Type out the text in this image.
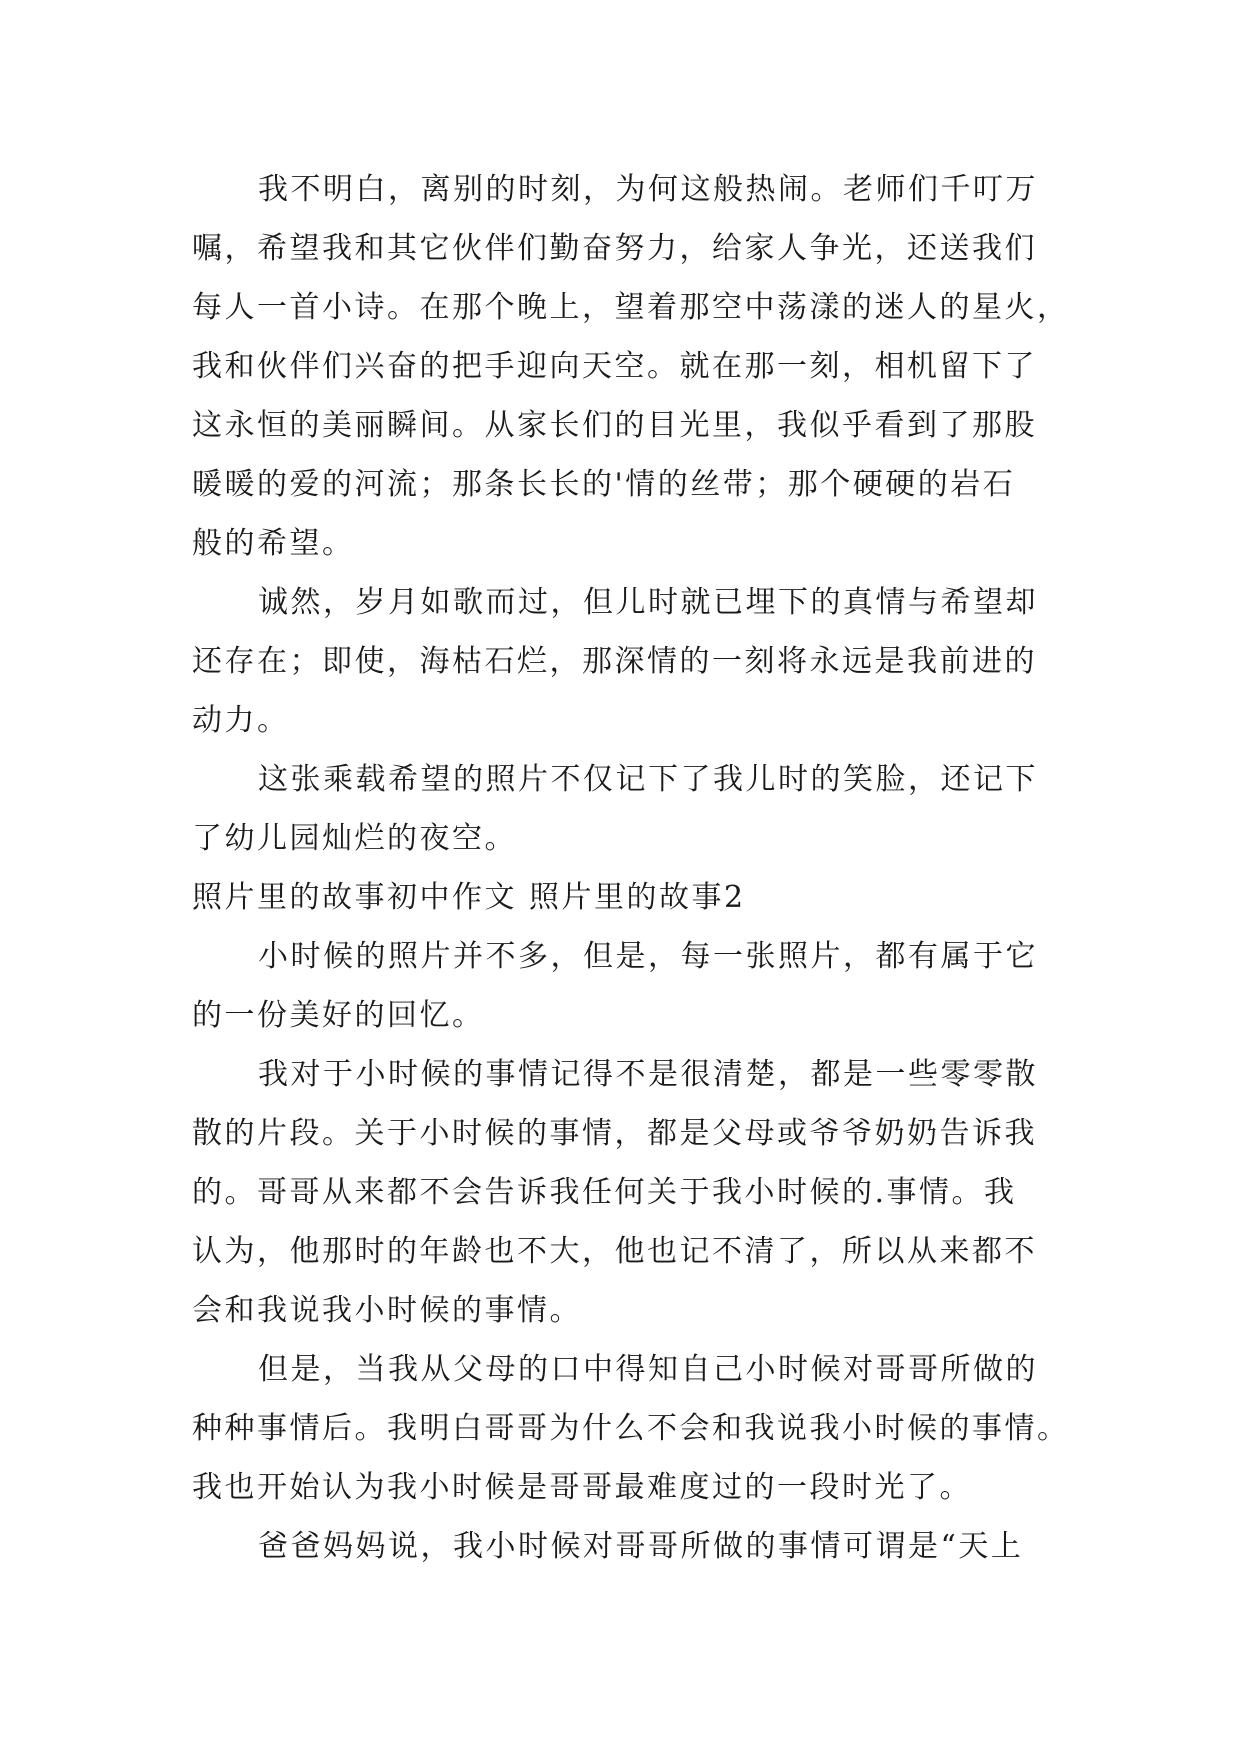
我不明白，离别的时刻，为何这般热闹。老师们千叮万
嘱，希望我和其它伙伴们勤奋努力，给家人争光，还送我们
每人一首小诗。在那个晚上，望着那空中荡漾的迷人的星火，
我和伙伴们兴奋的把手迎向天空。就在那一刻，相机留下了
这永恒的美丽瞬间。从家长们的目光里，我似乎看到了那股
暖暖的爱的河流；那条长长的'情的丝带；那个硬硬的岩石
般的希望。
诚然，岁月如歌而过，但儿时就已埋下的真情与希望却
还存在；即使，海枯石烂，那深情的一刻将永远是我前进的
动力。
这张乘载希望的照片不仅记下了我儿时的笑脸，还记下
了幼儿园灿烂的夜空。
照片里的故事初中作文 照片里的故事2
小时候的照片并不多，但是，每一张照片，都有属于它
的一份美好的回忆。
我对于小时候的事情记得不是很清楚，都是一些零零散
散的片段。关于小时候的事情，都是父母或爷爷奶奶告诉我
的。哥哥从来都不会告诉我任何关于我小时候的.事情。我
认为，他那时的年龄也不大，他也记不清了，所以从来都不
会和我说我小时候的事情。
但是，当我从父母的口中得知自己小时候对哥哥所做的
种种事情后。我明白哥哥为什么不会和我说我小时候的事情。
我也开始认为我小时候是哥哥最难度过的一段时光了。
爸爸妈妈说，我小时候对哥哥所做的事情可谓是“天上
